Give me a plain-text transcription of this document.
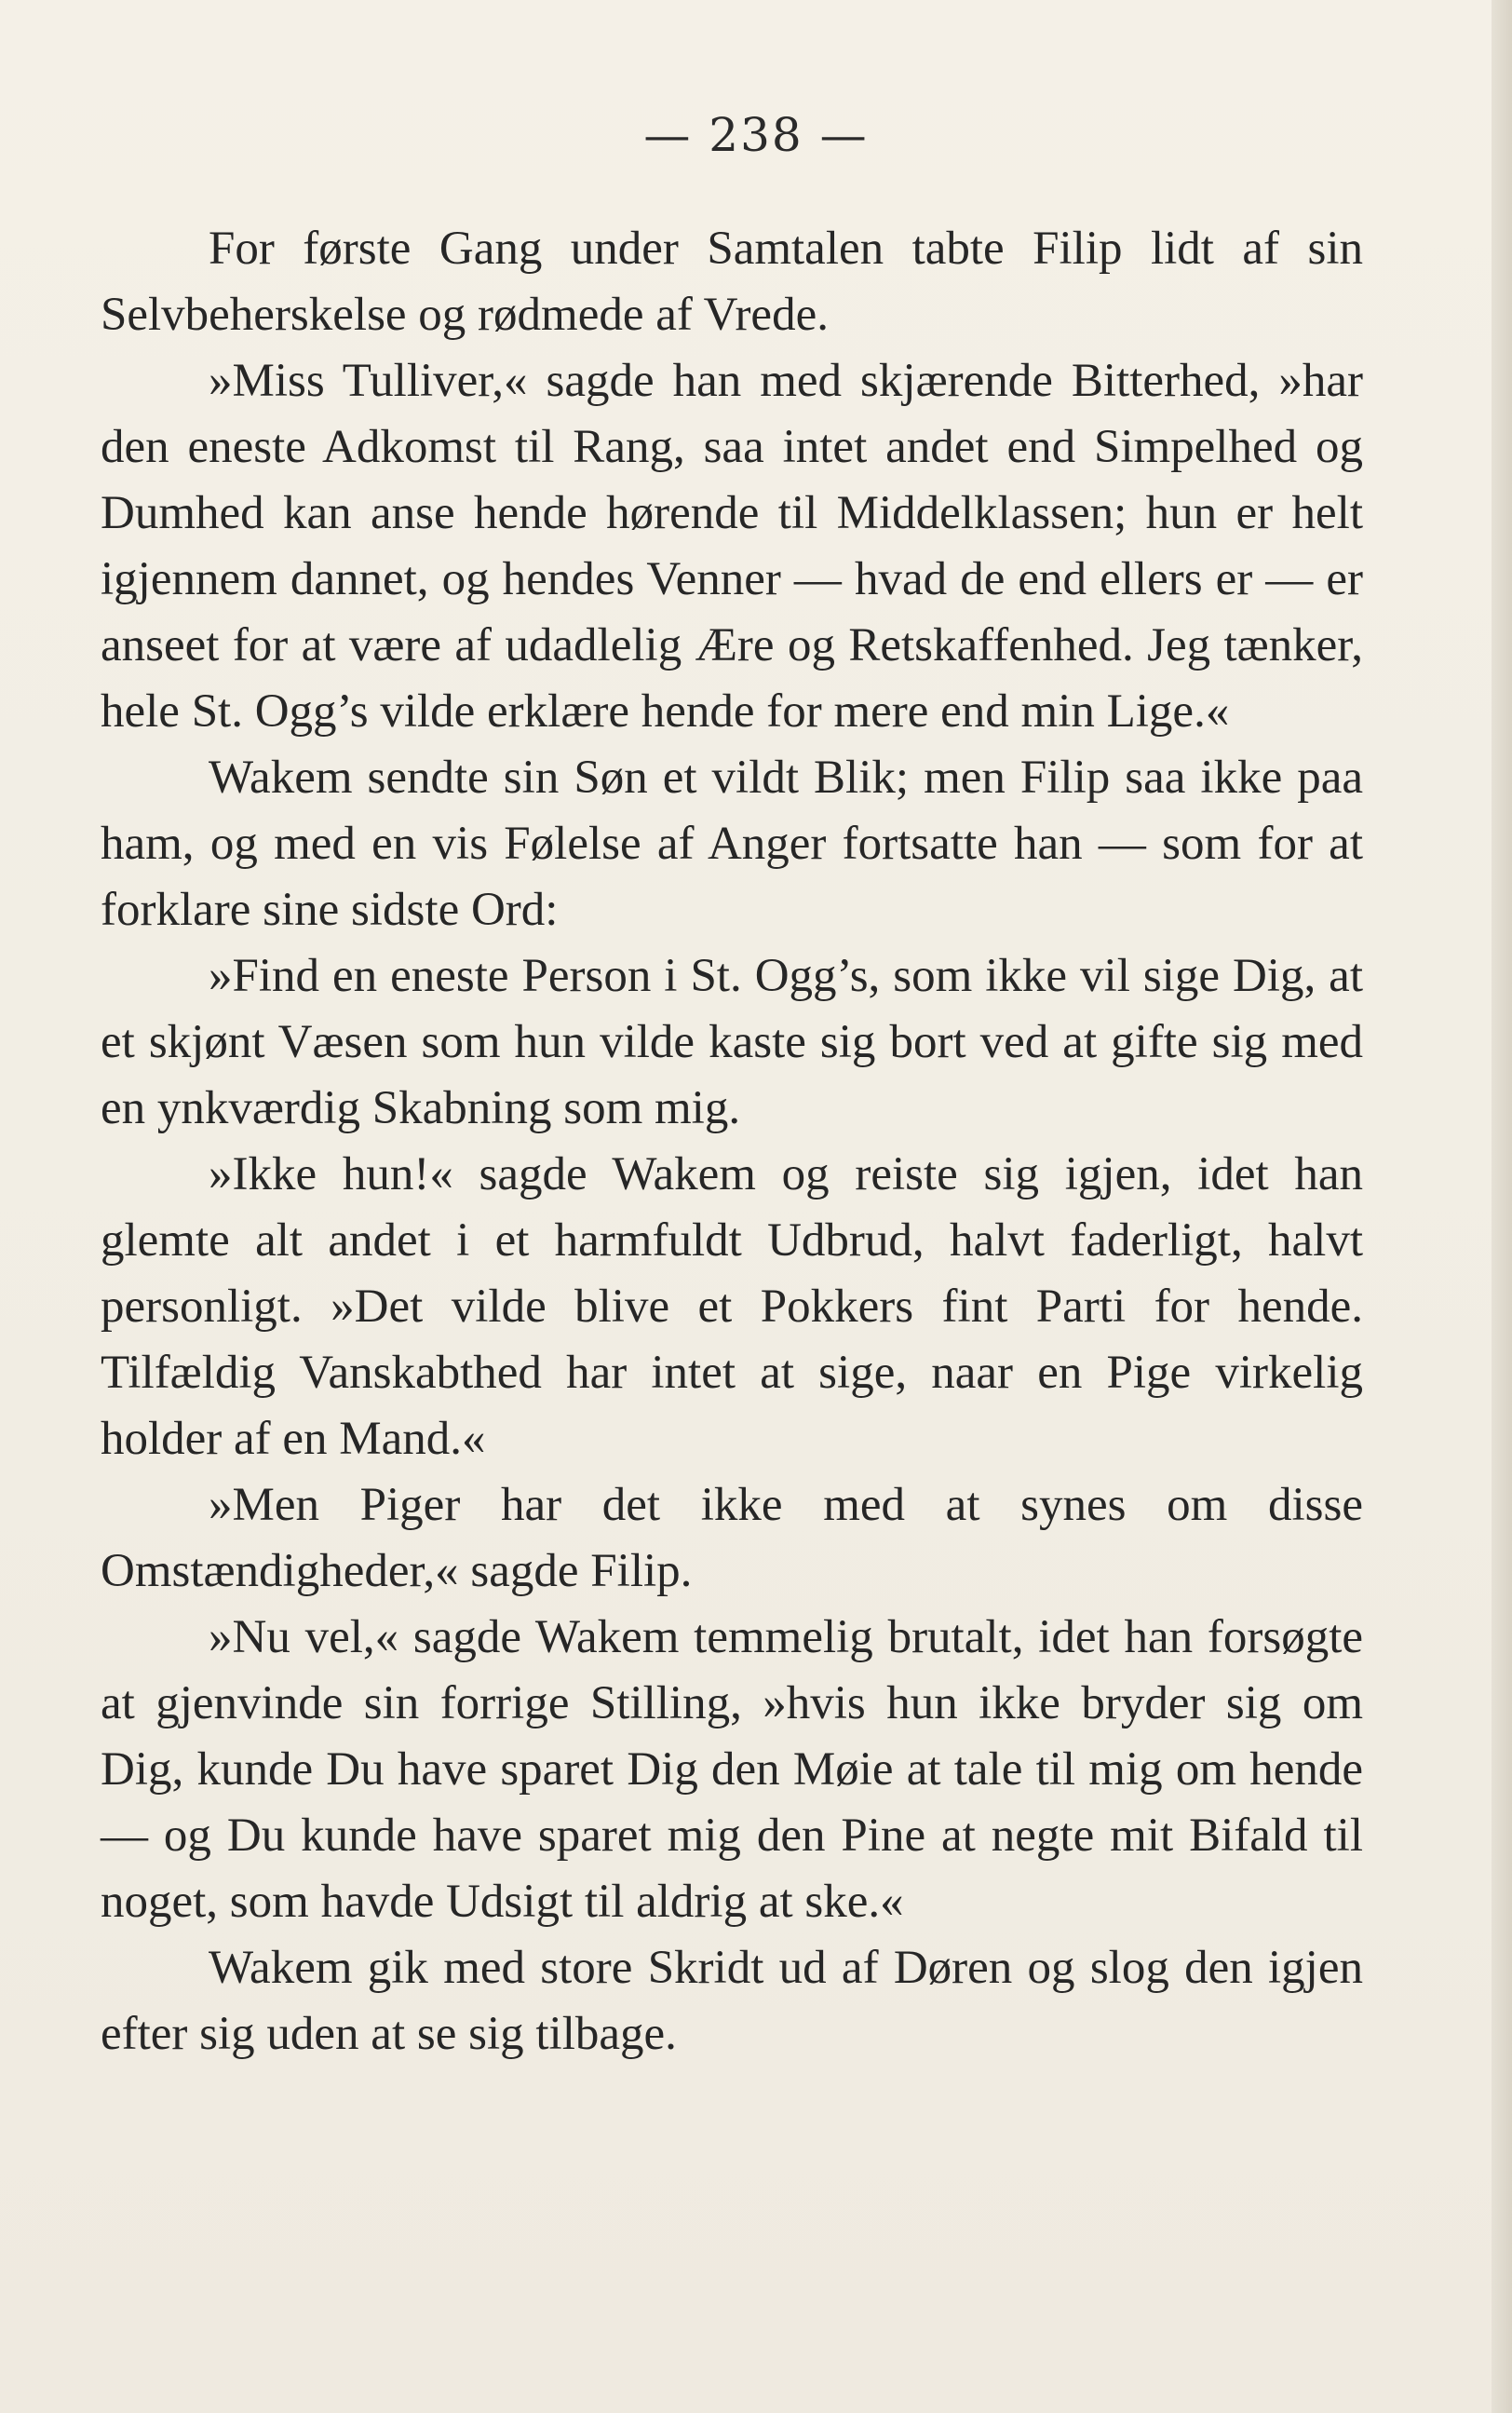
— 238 —

For første Gang under Samtalen tabte Filip lidt af sin Selvbeherskelse og rødmede af Vrede.

»Miss Tulliver,« sagde han med skjærende Bitterhed, »har den eneste Adkomst til Rang, saa intet andet end Simpelhed og Dumhed kan anse hende hørende til Middelklassen; hun er helt igjennem dannet, og hendes Venner — hvad de end ellers er — er anseet for at være af udadlelig Ære og Retskaffenhed. Jeg tænker, hele St. Ogg’s vilde erklære hende for mere end min Lige.«

Wakem sendte sin Søn et vildt Blik; men Filip saa ikke paa ham, og med en vis Følelse af Anger fortsatte han — som for at forklare sine sidste Ord:

»Find en eneste Person i St. Ogg’s, som ikke vil sige Dig, at et skjønt Væsen som hun vilde kaste sig bort ved at gifte sig med en ynkværdig Skabning som mig.

»Ikke hun!« sagde Wakem og reiste sig igjen, idet han glemte alt andet i et harmfuldt Udbrud, halvt faderligt, halvt personligt. »Det vilde blive et Pokkers fint Parti for hende. Tilfældig Vanskabthed har intet at sige, naar en Pige virkelig holder af en Mand.«

»Men Piger har det ikke med at synes om disse Omstændigheder,« sagde Filip.

»Nu vel,« sagde Wakem temmelig brutalt, idet han forsøgte at gjenvinde sin forrige Stilling, »hvis hun ikke bryder sig om Dig, kunde Du have sparet Dig den Møie at tale til mig om hende — og Du kunde have sparet mig den Pine at negte mit Bifald til noget, som havde Udsigt til aldrig at ske.«

Wakem gik med store Skridt ud af Døren og slog den igjen efter sig uden at se sig tilbage.
